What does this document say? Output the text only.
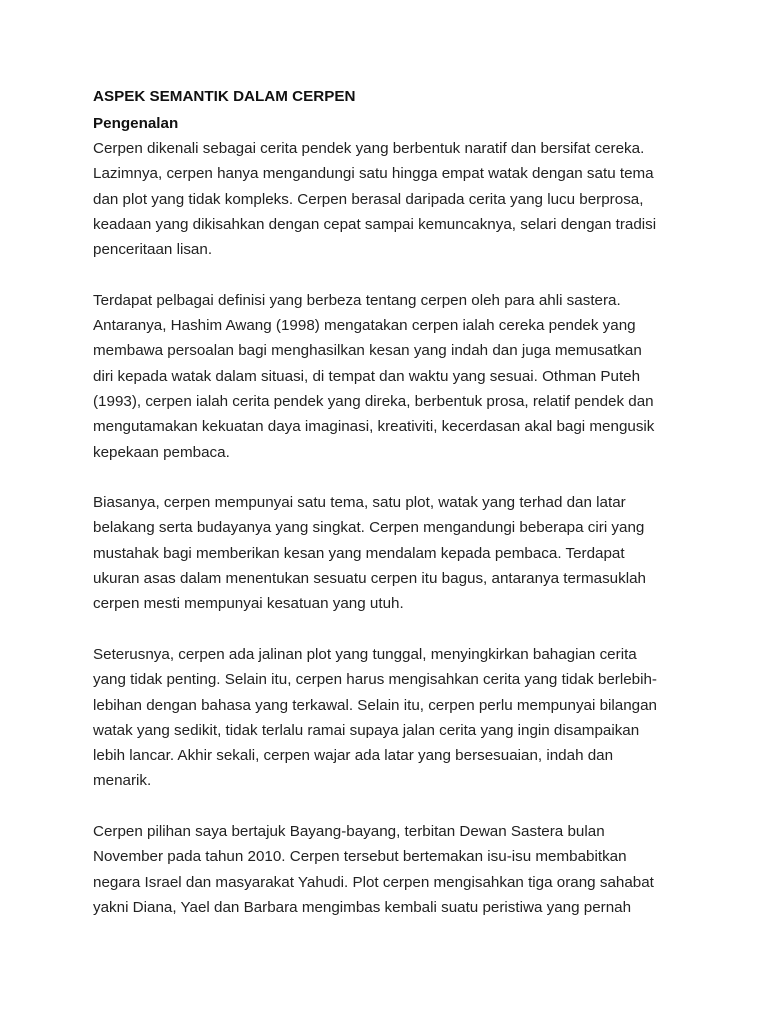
ASPEK SEMANTIK DALAM CERPEN
Pengenalan
Cerpen dikenali sebagai cerita pendek yang berbentuk naratif dan bersifat cereka.
Lazimnya, cerpen hanya mengandungi satu hingga empat watak dengan satu tema
dan plot yang tidak kompleks. Cerpen berasal daripada cerita yang lucu berprosa,
keadaan yang dikisahkan dengan cepat sampai kemuncaknya, selari dengan tradisi
penceritaan lisan.
Terdapat pelbagai definisi yang berbeza tentang cerpen oleh para ahli sastera.
Antaranya, Hashim Awang (1998) mengatakan cerpen ialah cereka pendek yang
membawa persoalan bagi menghasilkan kesan yang indah dan juga memusatkan
diri kepada watak dalam situasi, di tempat dan waktu yang sesuai. Othman Puteh
(1993), cerpen ialah cerita pendek yang direka, berbentuk prosa, relatif pendek dan
mengutamakan kekuatan daya imaginasi, kreativiti, kecerdasan akal bagi mengusik
kepekaan pembaca.
Biasanya, cerpen mempunyai satu tema, satu plot, watak yang terhad dan latar
belakang serta budayanya yang singkat. Cerpen mengandungi beberapa ciri yang
mustahak bagi memberikan kesan yang mendalam kepada pembaca. Terdapat
ukuran asas dalam menentukan sesuatu cerpen itu bagus, antaranya termasuklah
cerpen mesti mempunyai kesatuan yang utuh.
Seterusnya, cerpen ada jalinan plot yang tunggal, menyingkirkan bahagian cerita
yang tidak penting. Selain itu, cerpen harus mengisahkan cerita yang tidak berlebih-
lebihan dengan bahasa yang terkawal. Selain itu, cerpen perlu mempunyai bilangan
watak yang sedikit, tidak terlalu ramai supaya jalan cerita yang ingin disampaikan
lebih lancar. Akhir sekali, cerpen wajar ada latar yang bersesuaian, indah dan
menarik.
Cerpen pilihan saya bertajuk Bayang-bayang, terbitan Dewan Sastera bulan
November pada tahun 2010. Cerpen tersebut bertemakan isu-isu membabitkan
negara Israel dan masyarakat Yahudi. Plot cerpen mengisahkan tiga orang sahabat
yakni Diana, Yael dan Barbara mengimbas kembali suatu peristiwa yang pernah
